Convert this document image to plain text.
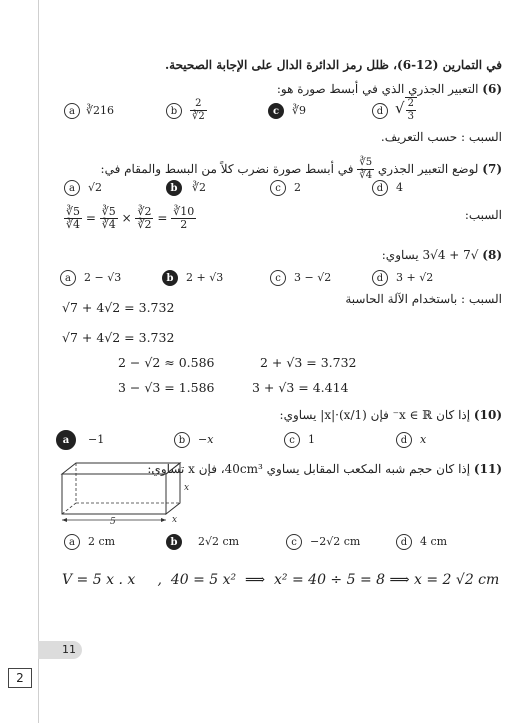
في التمارين (12-6)، ظلل رمز الدائرة الدال على الإجابة الصحيحة.
(6) التعبير الجذري الذي في أبسط صورة هو:
a	∛216	b	$\frac{2}{∛2}$	c	∛9	d √ $\frac{2}{3}$
السبب : حسب التعريف.
(7) لوضع التعبير الجذري
$\frac{∛5}{∛4}$
في أبسط صورة نضرب كلاً من البسط والمقام في:
a	√2	b	∛2	c	2	d	4
السبب:
$\frac{∛5}{∛4} = \frac{∛5}{∛4} \times \frac{∛2}{∛2} = \frac{∛10}{2}$
(8) √7 + 4√3 يساوي:
a	2 − √3	b	2 + √3	c	3 − √2	d	3 + √2
السبب : باستخدام الآلة الحاسبة
√7 + 4√2 = 3.732
√7 + 4√2 = 3.732
2 − √2 ≈ 0.586	2 + √3 = 3.732
3 − √3 = 1.586	3 + √3 = 4.414
(10) إذا كان x ∈ ℝ⁻ فإن (1/x)·|x| يساوي:
a	−1	b	−x	c	1	d	x
(11) إذا كان حجم شبه المكعب المقابل يساوي 40cm³، فإن x تساوي:
5
x
x
a	2 cm	b	2√2 cm	c	−2√2 cm	d	4 cm
V = 5 x . x     ,  40 = 5 x²  ⟹  x² = 40 ÷ 5 = 8 ⟹ x = 2 √2 cm
11
2
